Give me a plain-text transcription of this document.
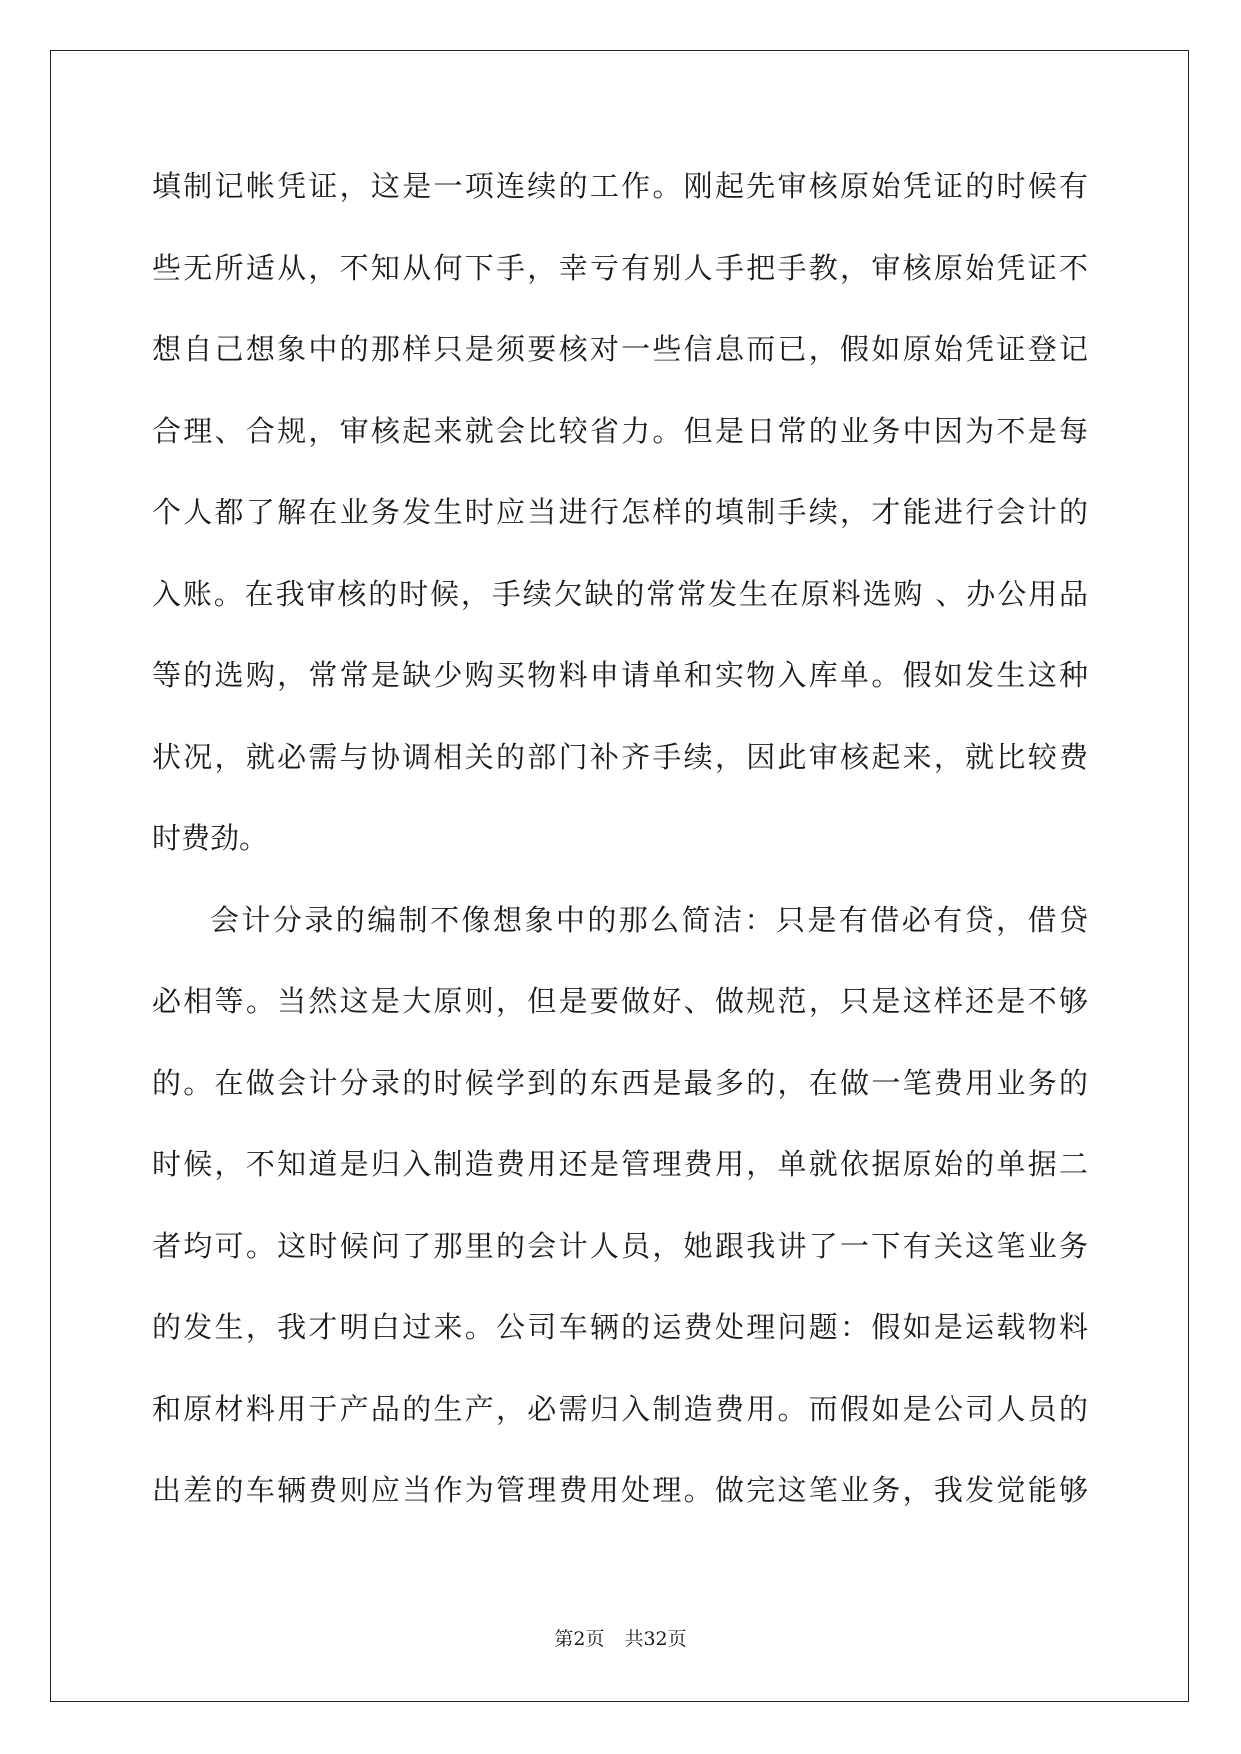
填制记帐凭证，这是一项连续的工作。刚起先审核原始凭证的时候有
些无所适从，不知从何下手，幸亏有别人手把手教，审核原始凭证不
想自己想象中的那样只是须要核对一些信息而已，假如原始凭证登记
合理、合规，审核起来就会比较省力。但是日常的业务中因为不是每
个人都了解在业务发生时应当进行怎样的填制手续，才能进行会计的
入账。在我审核的时候，手续欠缺的常常发生在原料选购 、办公用品
等的选购，常常是缺少购买物料申请单和实物入库单。假如发生这种
状况，就必需与协调相关的部门补齐手续，因此审核起来，就比较费
时费劲。
会计分录的编制不像想象中的那么简洁：只是有借必有贷，借贷
必相等。当然这是大原则，但是要做好、做规范，只是这样还是不够
的。在做会计分录的时候学到的东西是最多的，在做一笔费用业务的
时候，不知道是归入制造费用还是管理费用，单就依据原始的单据二
者均可。这时候问了那里的会计人员，她跟我讲了一下有关这笔业务
的发生，我才明白过来。公司车辆的运费处理问题：假如是运载物料
和原材料用于产品的生产，必需归入制造费用。而假如是公司人员的
出差的车辆费则应当作为管理费用处理。做完这笔业务，我发觉能够
第2页 共32页
